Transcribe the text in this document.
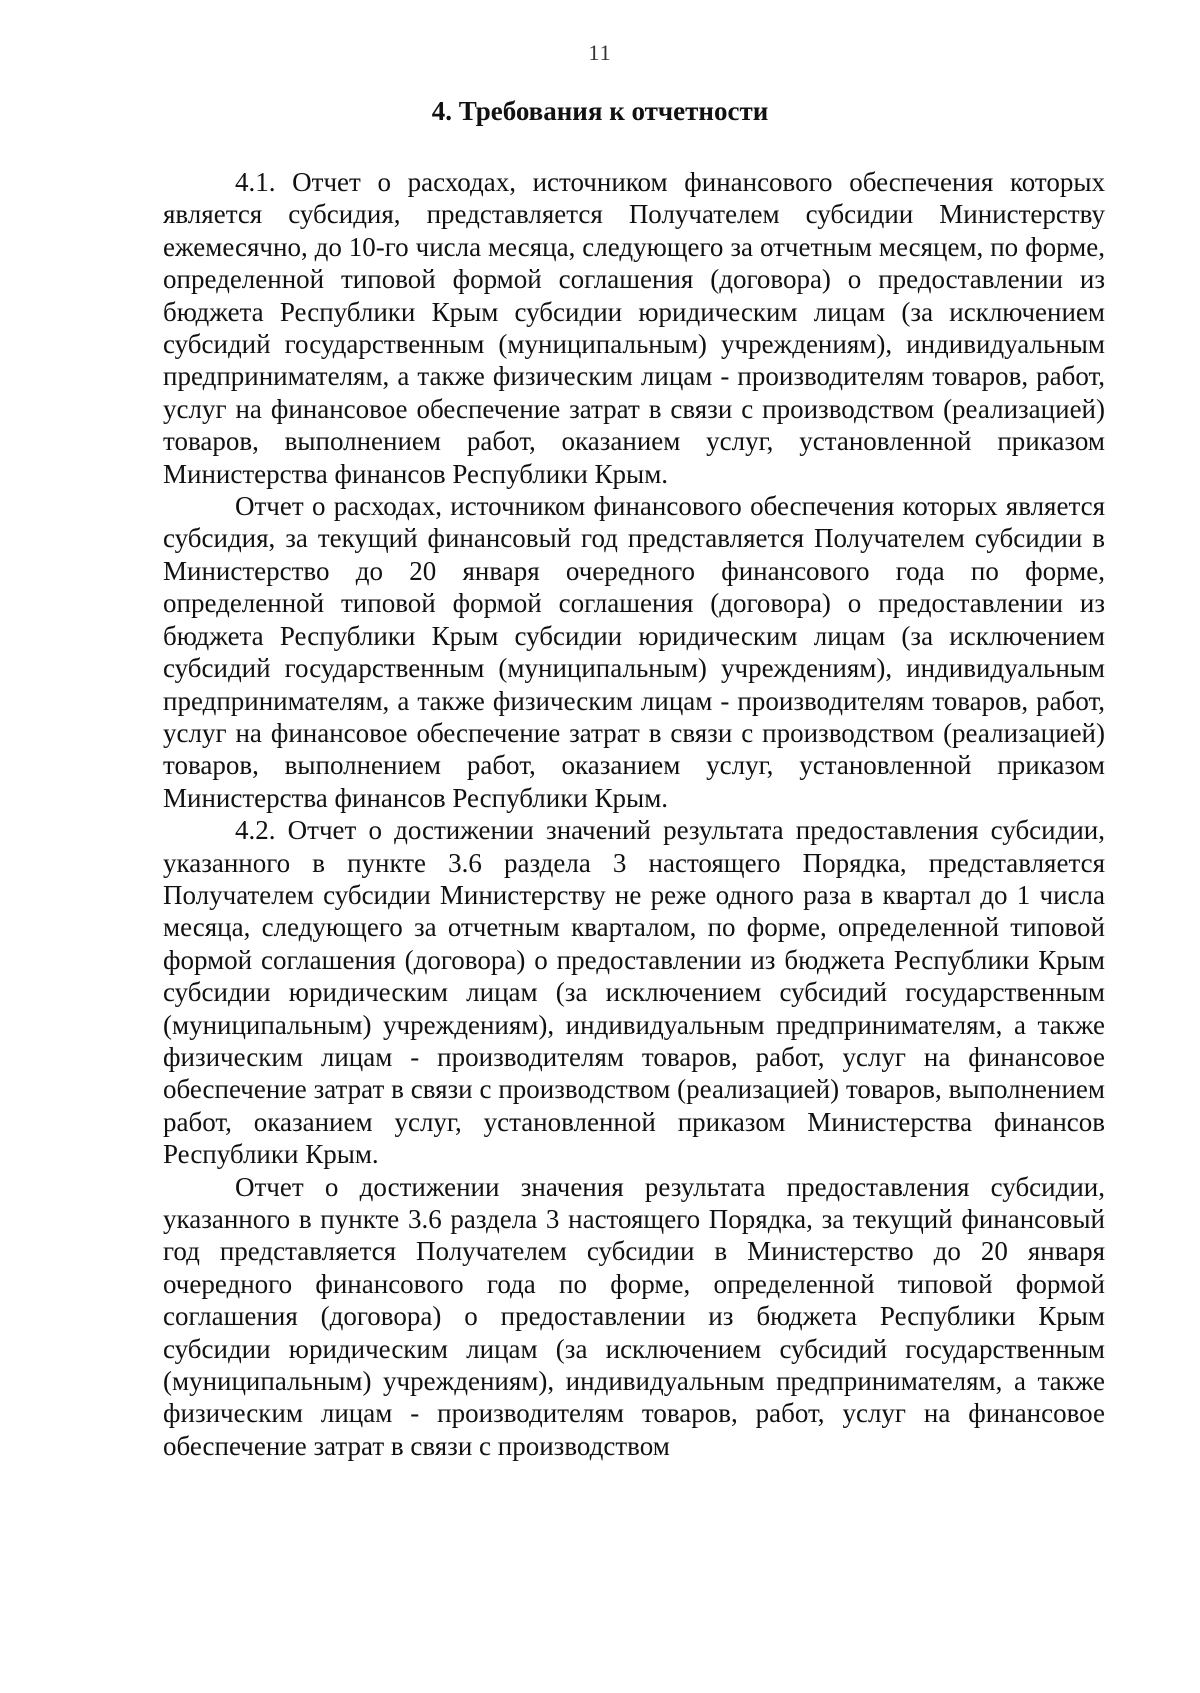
11
4. Требования к отчетности

4.1. Отчет о расходах, источником финансового обеспечения которых является субсидия, представляется Получателем субсидии Министерству ежемесячно, до 10-го числа месяца, следующего за отчетным месяцем, по форме, определенной типовой формой соглашения (договора) о предоставлении из бюджета Республики Крым субсидии юридическим лицам (за исключением субсидий государственным (муниципальным) учреждениям), индивидуальным предпринимателям, а также физическим лицам - производителям товаров, работ, услуг на финансовое обеспечение затрат в связи с производством (реализацией) товаров, выполнением работ, оказанием услуг, установленной приказом Министерства финансов Республики Крым.

Отчет о расходах, источником финансового обеспечения которых является субсидия, за текущий финансовый год представляется Получателем субсидии в Министерство до 20 января очередного финансового года по форме, определенной типовой формой соглашения (договора) о предоставлении из бюджета Республики Крым субсидии юридическим лицам (за исключением субсидий государственным (муниципальным) учреждениям), индивидуальным предпринимателям, а также физическим лицам - производителям товаров, работ, услуг на финансовое обеспечение затрат в связи с производством (реализацией) товаров, выполнением работ, оказанием услуг, установленной приказом Министерства финансов Республики Крым.

4.2. Отчет о достижении значений результата предоставления субсидии, указанного в пункте 3.6 раздела 3 настоящего Порядка, представляется Получателем субсидии Министерству не реже одного раза в квартал до 1 числа месяца, следующего за отчетным кварталом, по форме, определенной типовой формой соглашения (договора) о предоставлении из бюджета Республики Крым субсидии юридическим лицам (за исключением субсидий государственным (муниципальным) учреждениям), индивидуальным предпринимателям, а также физическим лицам - производителям товаров, работ, услуг на финансовое обеспечение затрат в связи с производством (реализацией) товаров, выполнением работ, оказанием услуг, установленной приказом Министерства финансов Республики Крым.

Отчет о достижении значения результата предоставления субсидии, указанного в пункте 3.6 раздела 3 настоящего Порядка, за текущий финансовый год представляется Получателем субсидии в Министерство до 20 января очередного финансового года по форме, определенной типовой формой соглашения (договора) о предоставлении из бюджета Республики Крым субсидии юридическим лицам (за исключением субсидий государственным (муниципальным) учреждениям), индивидуальным предпринимателям, а также физическим лицам - производителям товаров, работ, услуг на финансовое обеспечение затрат в связи с производством
